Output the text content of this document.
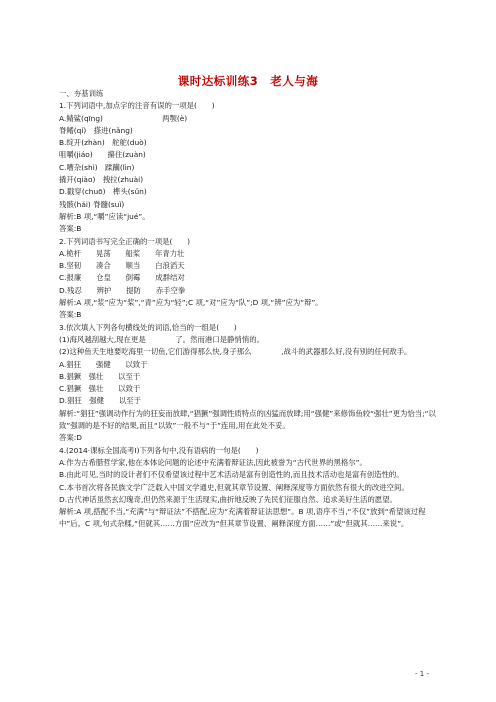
课时达标训练3　老人与海
一、夯基训练
1.下列词语中,加点字的注音有误的一项是(　　)
A.鲭鲨(qīnɡ)　　　　　　　　两颚(è)
脊鳍(qí)　搽进(nǎnɡ)
B.绽开(zhàn)　舵舵(duò)
咀嚼(jiáo)　　攥住(zuàn)
C.嘈杂(shì)　蹂躏(lìn)
撬开(qiào)　拽拉(zhuài)
D.戳穿(chuō)　榫头(sǔn)
残骸(hái) 脊髓(suǐ)
解析:B 项,“嚼”应读“jué”。
答案:B
2.下列词语书写完全正确的一项是(　　)
A.桅杆　　晃荡　　船桨　　年青力壮
B.坚韧　　凑合　　顺当　　白浪滔天
C.报廉　　仓皇　　倒霉　　成群结对
D.残忍　　辨护　　提防　　赤手空拳
解析:A 项,“浆”应为“桨”,“青”应为“轻”;C 项,“对”应为“队”;D 项,“辨”应为“辩”。
答案:B
3.依次填入下列各句横线处的词语,恰当的一组是(　　)
(1)海风越刮越大,现在更是　　　　了。然而港口是静悄悄的。
(2)这种鱼天生地要吃海里一切鱼,它们游得那么快,身子那么　　　　,战斗的武器那么好,没有别的任何敌手。
A.猖狂　　强健　　以致于
B.猖獗　强壮　　以至于
C.猖獗　强壮　　以致于
D.猖狂　强健　　以至于
解析:“猖狂”强调动作行为的狂妄而放肆,“猖獗”强调性质特点的凶猛而放肆;用“强健”来修饰鱼较“强壮”更为恰当;“以致”强调的是不好的结果,而且“以致”一般不与“于”连用,用在此处不妥。
答案:D
4.(2014·课标全国高考Ⅰ)下列各句中,没有语病的一句是(　　)
A.作为古希腊哲学家,他在本体论问题的论述中充满着辩证法,因此被誉为“古代世界的黑格尔”。
B.由此可见,当时的设计者们不仅希望该过程中艺术活动是富有创造性的,而且技术活动也是富有创造性的。
C.本书首次将各民族文学广泛载入中国文学通史,但就其章节设置、阐释深度等方面依然有很大的改进空间。
D.古代神话虽然玄幻瑰奇,但仍然来源于生活现实,曲折地反映了先民们征服自然、追求美好生活的愿望。
解析:A 项,搭配不当,“充满”与“辩证法”不搭配,应为“充满着辩证法思想”。B 项,语序不当,“不仅”放到“希望该过程中”后。C 项,句式杂糅,“但就其……方面”应改为“但其章节设置、阐释深度方面……”或“但就其……来说”。
- 1 -
